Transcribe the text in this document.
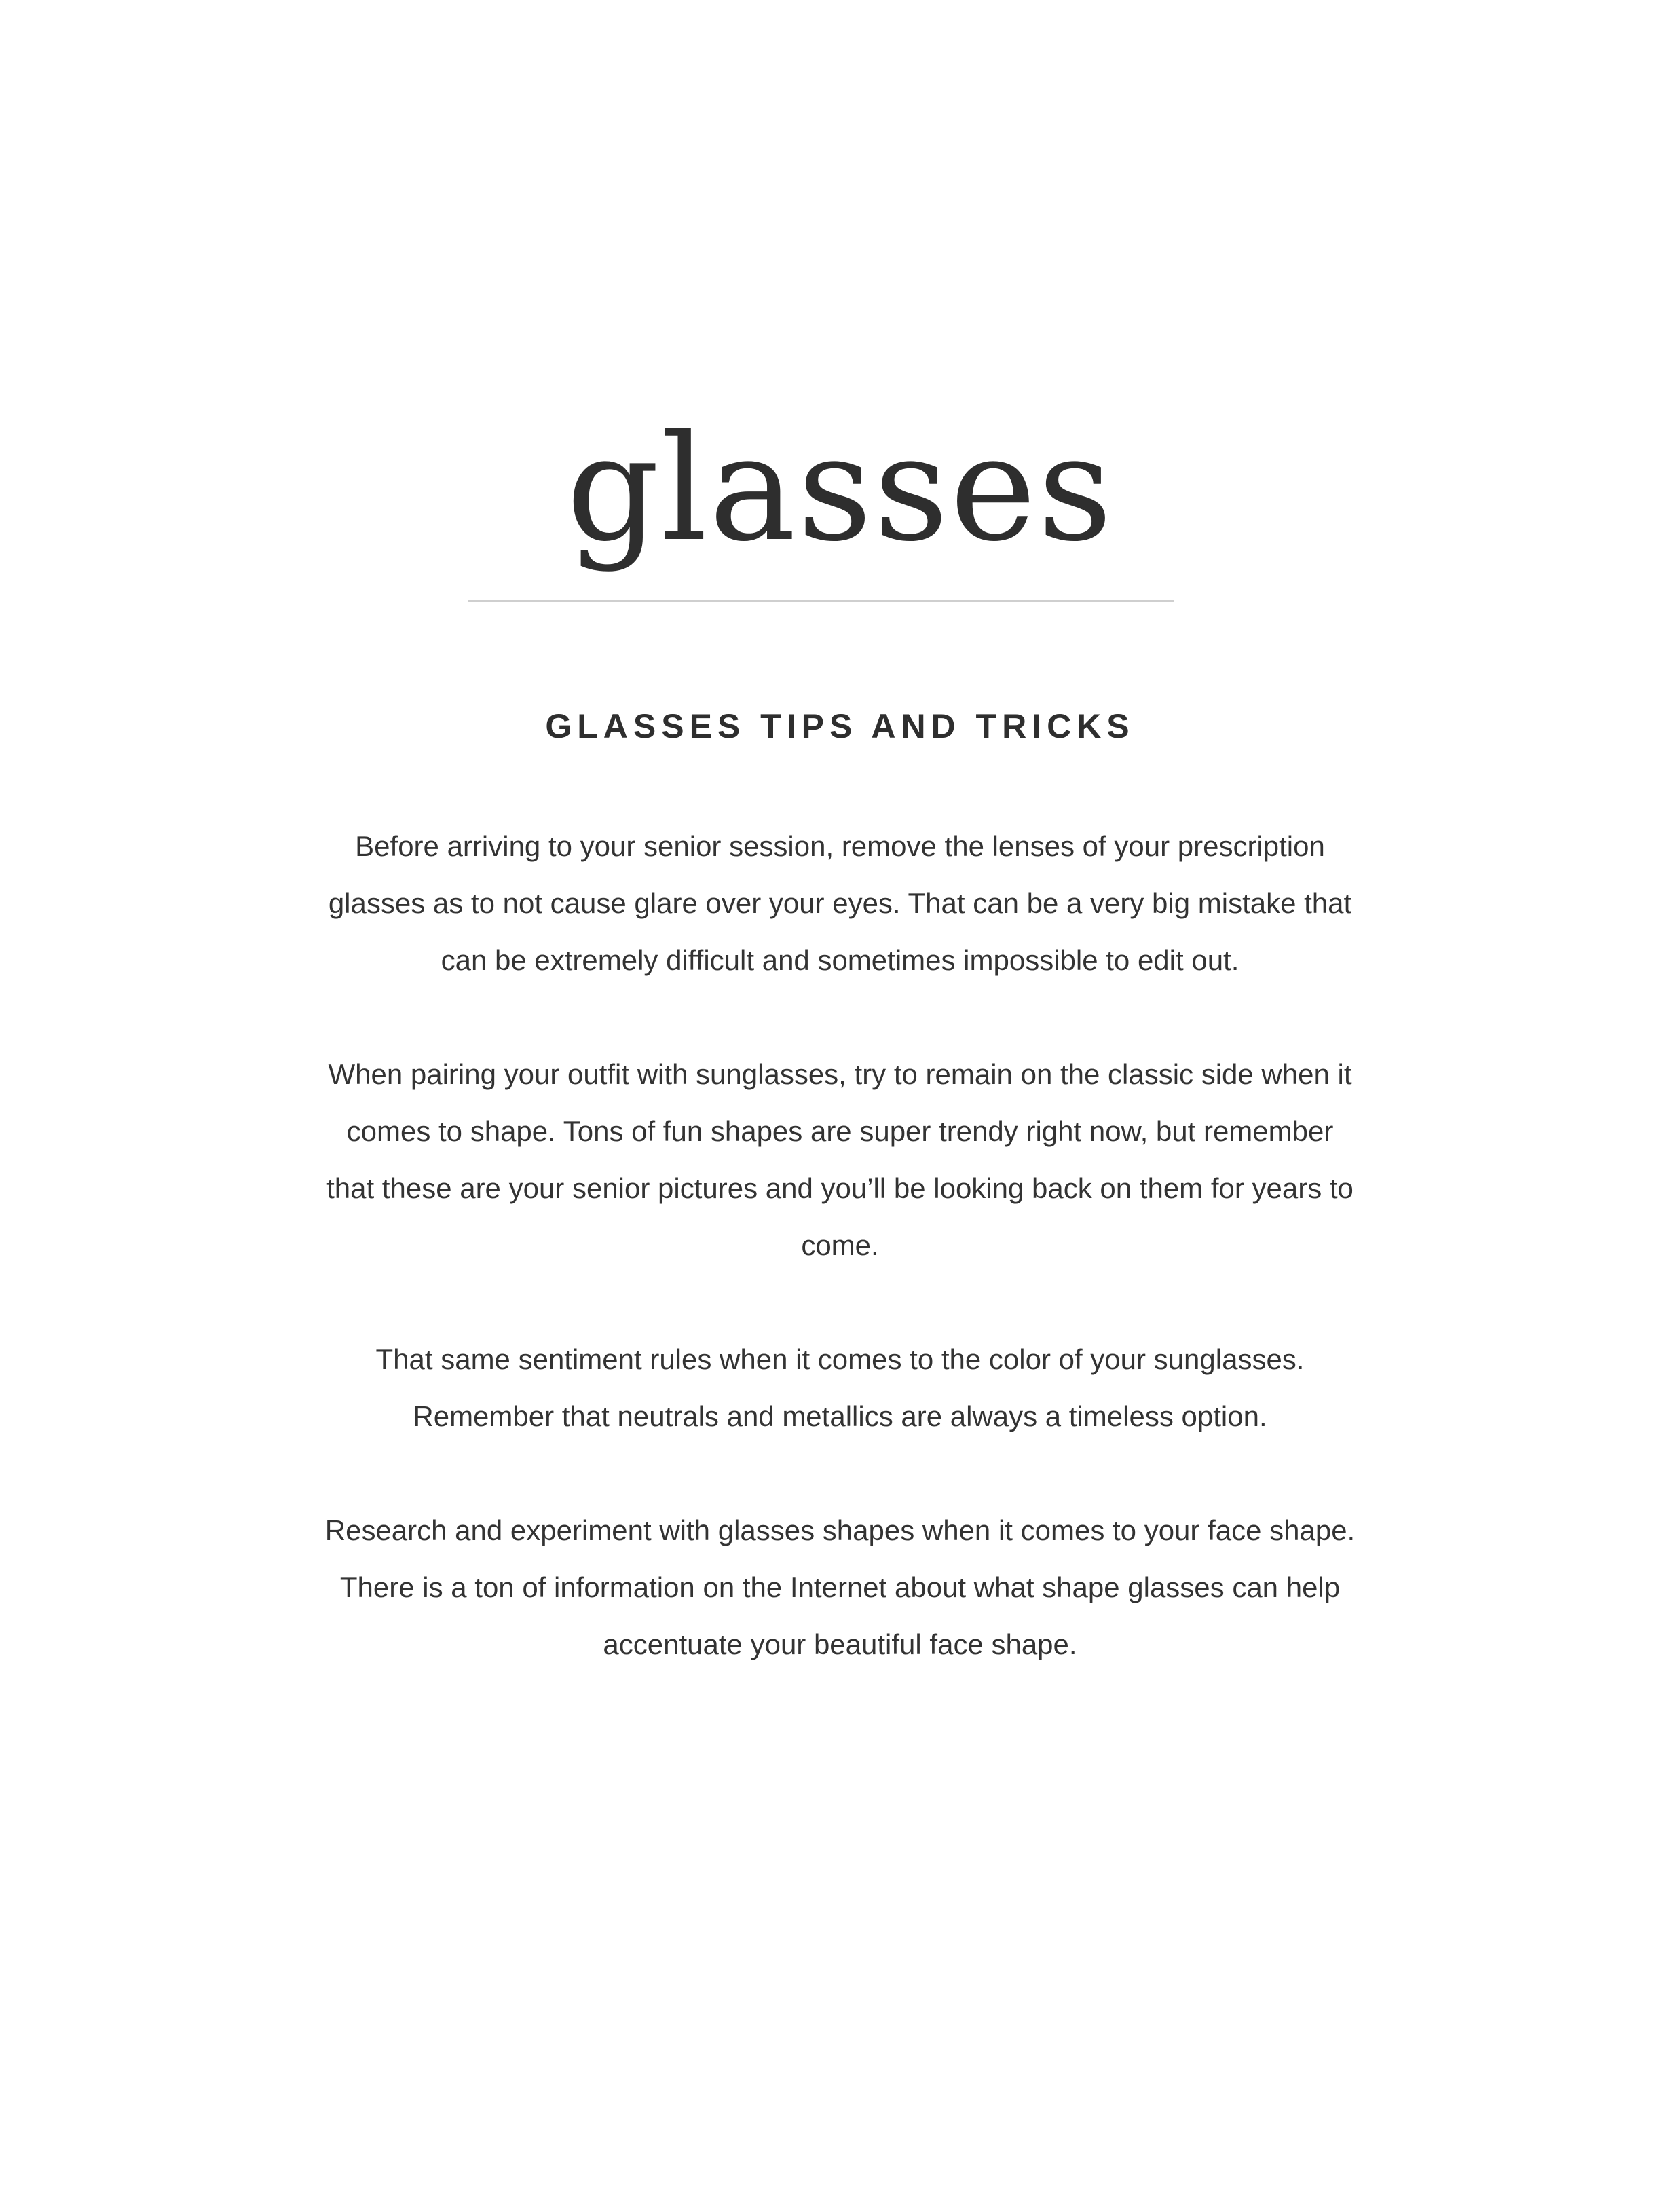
glasses
GLASSES TIPS AND TRICKS

Before arriving to your senior session, remove the lenses of your prescription glasses as to not cause glare over your eyes. That can be a very big mistake that can be extremely difficult and sometimes impossible to edit out.

When pairing your outfit with sunglasses, try to remain on the classic side when it comes to shape. Tons of fun shapes are super trendy right now, but remember that these are your senior pictures and you’ll be looking back on them for years to come.

That same sentiment rules when it comes to the color of your sunglasses. Remember that neutrals and metallics are always a timeless option.

Research and experiment with glasses shapes when it comes to your face shape. There is a ton of information on the Internet about what shape glasses can help accentuate your beautiful face shape.
